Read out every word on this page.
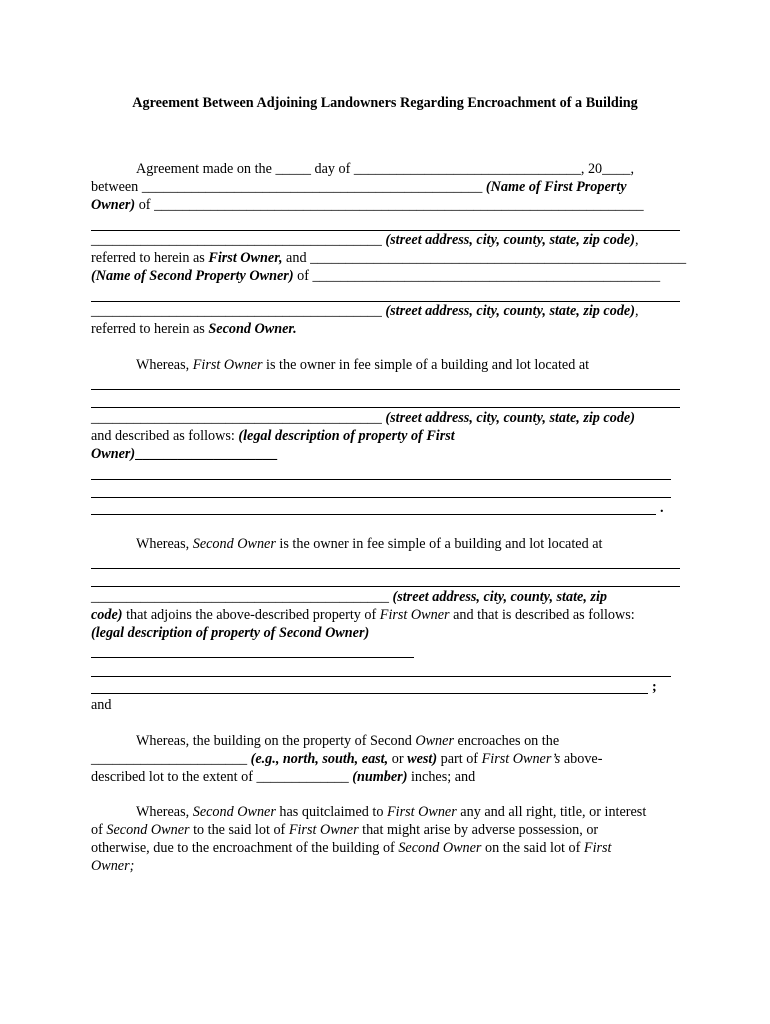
Agreement Between Adjoining Landowners Regarding Encroachment of a Building
Agreement made on the _____ day of ________________________________, 20____,
between ________________________________________________ (Name of First Property
Owner) of _____________________________________________________________________
_________________________________________ (street address, city, county, state, zip code),
referred to herein as First Owner, and _____________________________________________________
(Name of Second Property Owner) of _________________________________________________
_________________________________________ (street address, city, county, state, zip code),
referred to herein as Second Owner.
Whereas, First Owner is the owner in fee simple of a building and lot located at
_________________________________________ (street address, city, county, state, zip code)
and described as follows: (legal description of property of First
Owner)____________________
.
Whereas, Second Owner is the owner in fee simple of a building and lot located at
__________________________________________ (street address, city, county, state, zip
code) that adjoins the above-described property of First Owner and that is described as follows:
(legal description of property of Second Owner)
;
and
Whereas, the building on the property of Second Owner encroaches on the
______________________ (e.g., north, south, east, or west) part of First Owner’s above-
described lot to the extent of _____________ (number) inches; and
Whereas, Second Owner has quitclaimed to First Owner any and all right, title, or interest
of Second Owner to the said lot of First Owner that might arise by adverse possession, or
otherwise, due to the encroachment of the building of Second Owner on the said lot of First
Owner;
